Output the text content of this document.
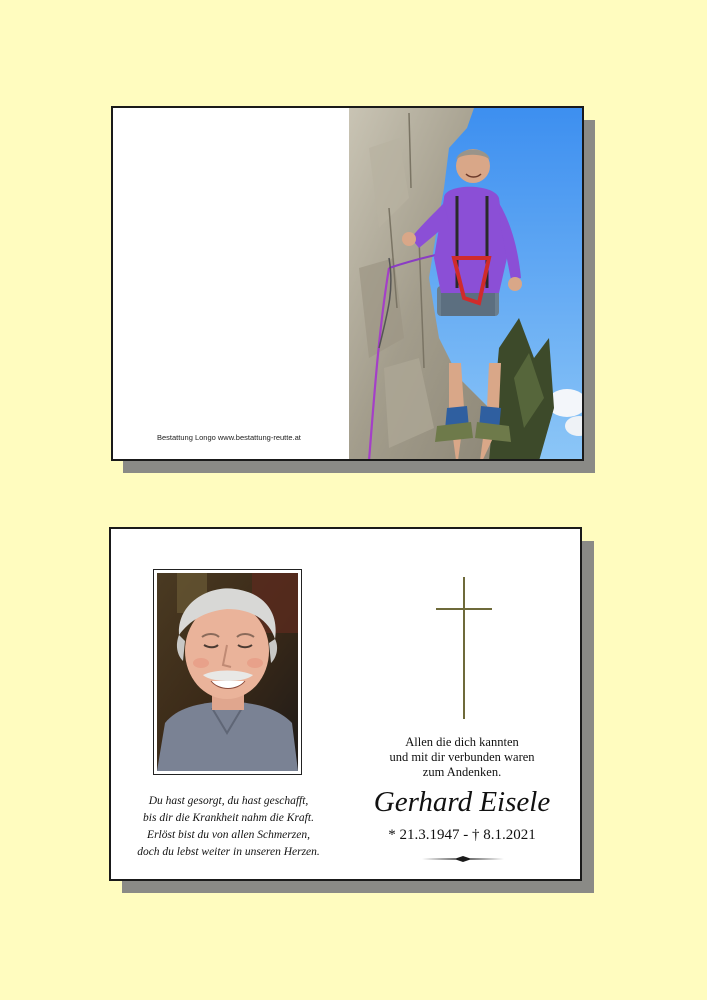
Bestattung Longo www.bestattung-reutte.at
Du hast gesorgt, du hast geschafft,
bis dir die Krankheit nahm die Kraft.
Erlöst bist du von allen Schmerzen,
doch du lebst weiter in unseren Herzen.
Allen die dich kannten
und mit dir verbunden waren
zum Andenken.
Gerhard Eisele
* 21.3.1947 - † 8.1.2021
